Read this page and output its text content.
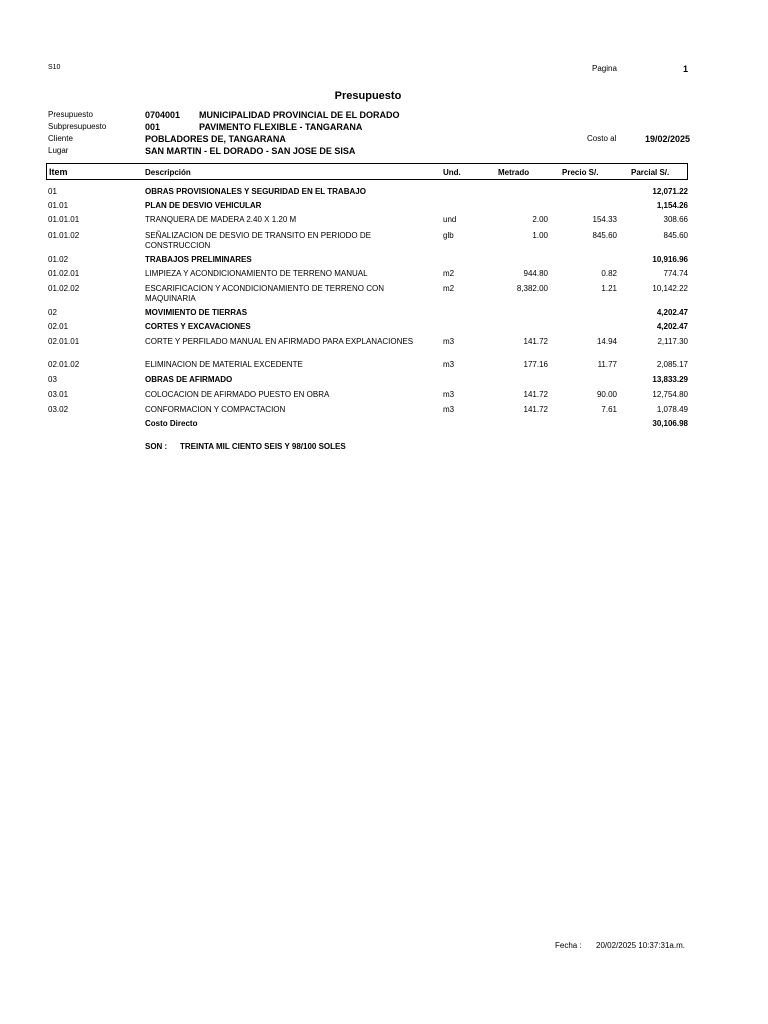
S10	Pagina	1
Presupuesto
Presupuesto	0704001 MUNICIPALIDAD PROVINCIAL DE EL DORADO
Subpresupuesto	001	PAVIMENTO FLEXIBLE - TANGARANA
Cliente	POBLADORES DE, TANGARANA	Costo al	19/02/2025
Lugar	SAN MARTIN - EL DORADO - SAN JOSE DE SISA
Item	Descripción	Und.	Metrado	Precio S/.	Parcial S/.
01	OBRAS PROVISIONALES Y SEGURIDAD EN EL TRABAJO	12,071.22
01.01	PLAN DE DESVIO VEHICULAR	1,154.26
01.01.01	TRANQUERA DE MADERA 2.40 X 1.20 M	und	2.00	154.33	308.66
01.01.02	SEÑALIZACION DE DESVIO DE TRANSITO EN PERIODO DE CONSTRUCCION
glb	1.00	845.60	845.60
01.02	TRABAJOS PRELIMINARES	10,916.96
01.02.01	LIMPIEZA Y ACONDICIONAMIENTO DE TERRENO MANUAL	m2	944.80	0.82	774.74
01.02.02	ESCARIFICACION Y ACONDICIONAMIENTO DE TERRENO CON MAQUINARIA
m2	8,382.00	1.21	10,142.22
02	MOVIMIENTO DE TIERRAS	4,202.47
02.01	CORTES Y EXCAVACIONES	4,202.47
02.01.01	CORTE Y PERFILADO MANUAL EN AFIRMADO PARA EXPLANACIONES	m3	141.72	14.94	2,117.30
02.01.02	ELIMINACION DE MATERIAL EXCEDENTE	m3	177.16	11.77	2,085.17
03	OBRAS DE AFIRMADO	13,833.29
03.01	COLOCACION DE AFIRMADO PUESTO EN OBRA	m3	141.72	90.00	12,754.80
03.02	CONFORMACION Y COMPACTACION	m3	141.72	7.61	1,078.49
Costo Directo	30,106.98
SON : TREINTA MIL CIENTO SEIS Y 98/100 SOLES
Fecha : 20/02/2025 10:37:31a.m.
